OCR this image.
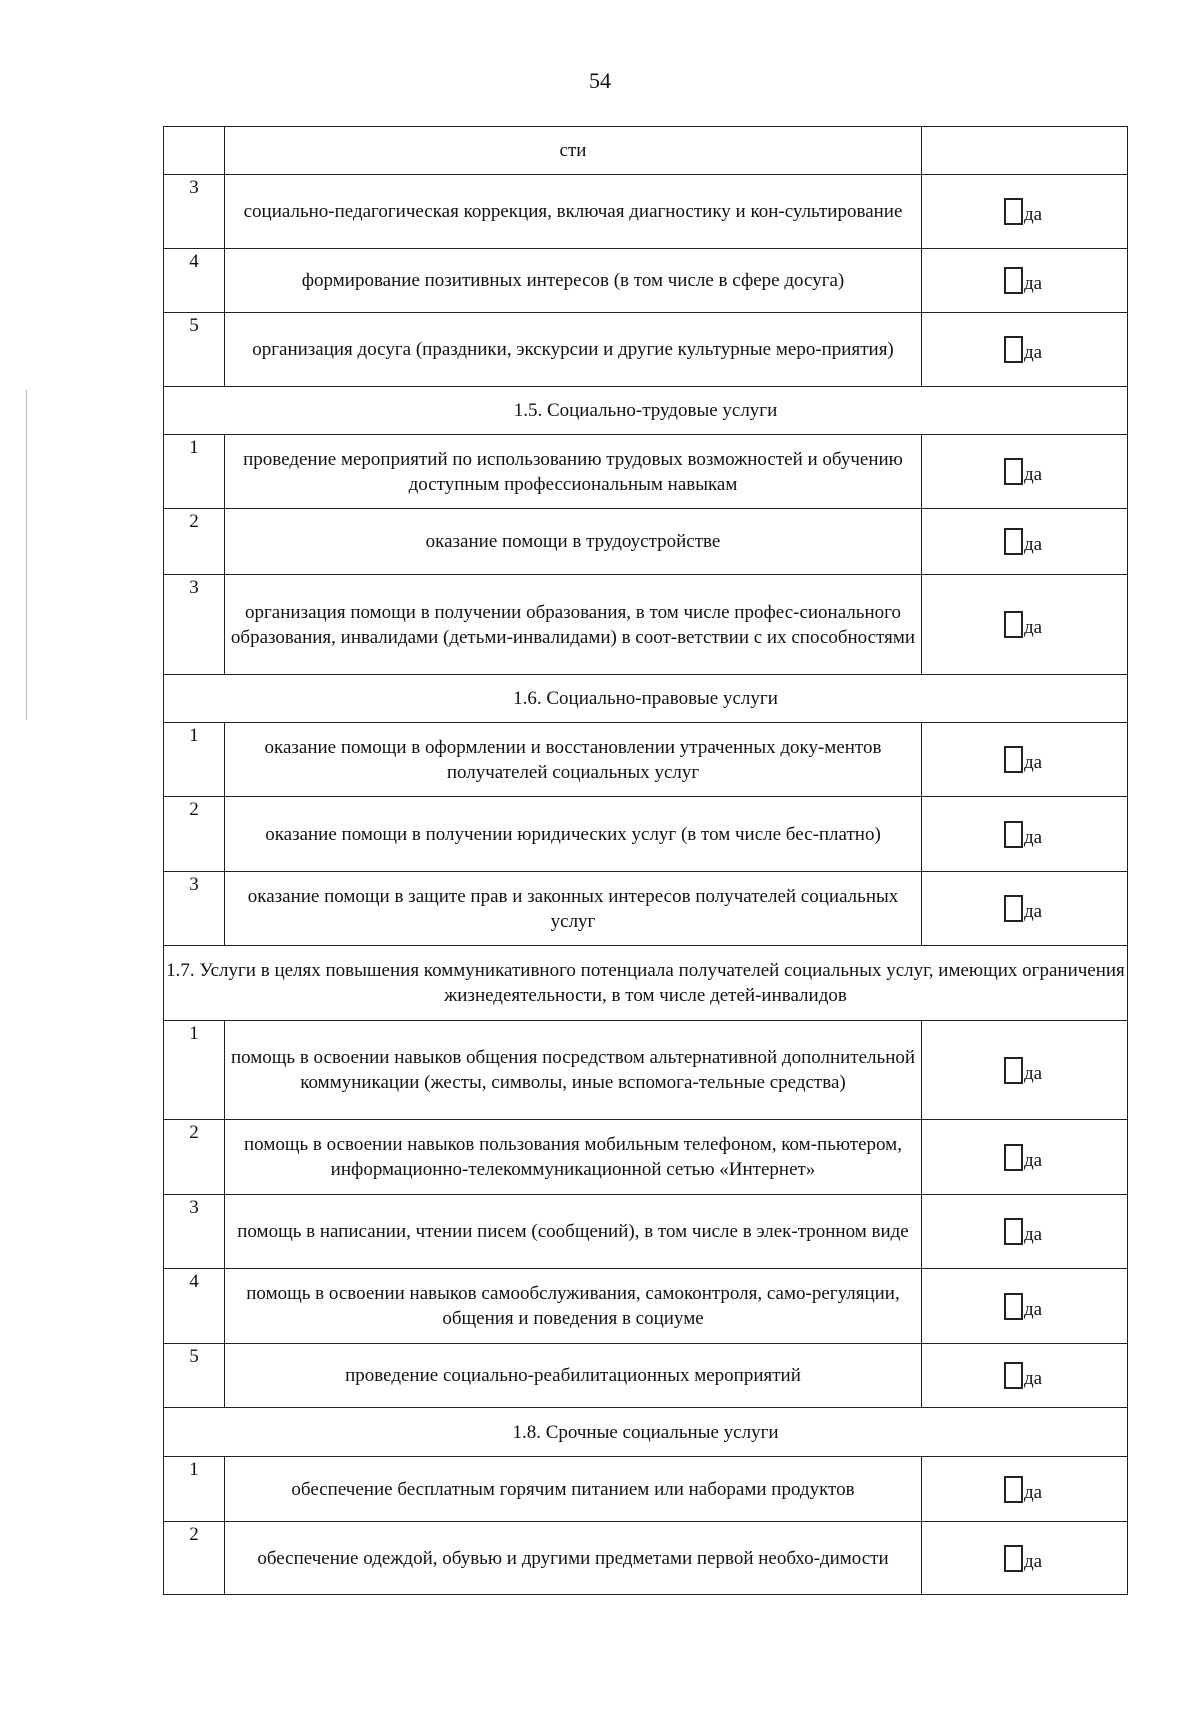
54
	сти	
3	социально-педагогическая коррекция, включая диагностику и кон-сультирование	да

4	формирование позитивных интересов (в том числе в сфере досуга)	да

5	организация досуга (праздники, экскурсии и другие культурные меро-приятия)	да

1.5. Социально-трудовые услуги		
1	проведение мероприятий по использованию трудовых возможностей и обучению доступным профессиональным навыкам	да

2	оказание помощи в трудоустройстве	да

3	организация помощи в получении образования, в том числе профес-сионального образования, инвалидами (детьми-инвалидами) в соот-ветствии с их способностями	да

1.6. Социально-правовые услуги		
1	оказание помощи в оформлении и восстановлении утраченных доку-ментов получателей социальных услуг	да

2	оказание помощи в получении юридических услуг (в том числе бес-платно)	да

3	оказание помощи в защите прав и законных интересов получателей социальных услуг	да

1.7. Услуги в целях повышения коммуникативного потенциала получателей социальных услуг, имеющих ограничения жизнедеятельности, в том числе детей-инвалидов		
1	помощь в освоении навыков общения посредством альтернативной дополнительной коммуникации (жесты, символы, иные вспомога-тельные средства)	да

2	помощь в освоении навыков пользования мобильным телефоном, ком-пьютером, информационно-телекоммуникационной сетью «Интернет»	да

3	помощь в написании, чтении писем (сообщений), в том числе в элек-тронном виде	да

4	помощь в освоении навыков самообслуживания, самоконтроля, само-регуляции, общения и поведения в социуме	да

5	проведение социально-реабилитационных мероприятий	да

1.8. Срочные социальные услуги		
1	обеспечение бесплатным горячим питанием или наборами продуктов	да

2	обеспечение одеждой, обувью и другими предметами первой необхо-димости	да
